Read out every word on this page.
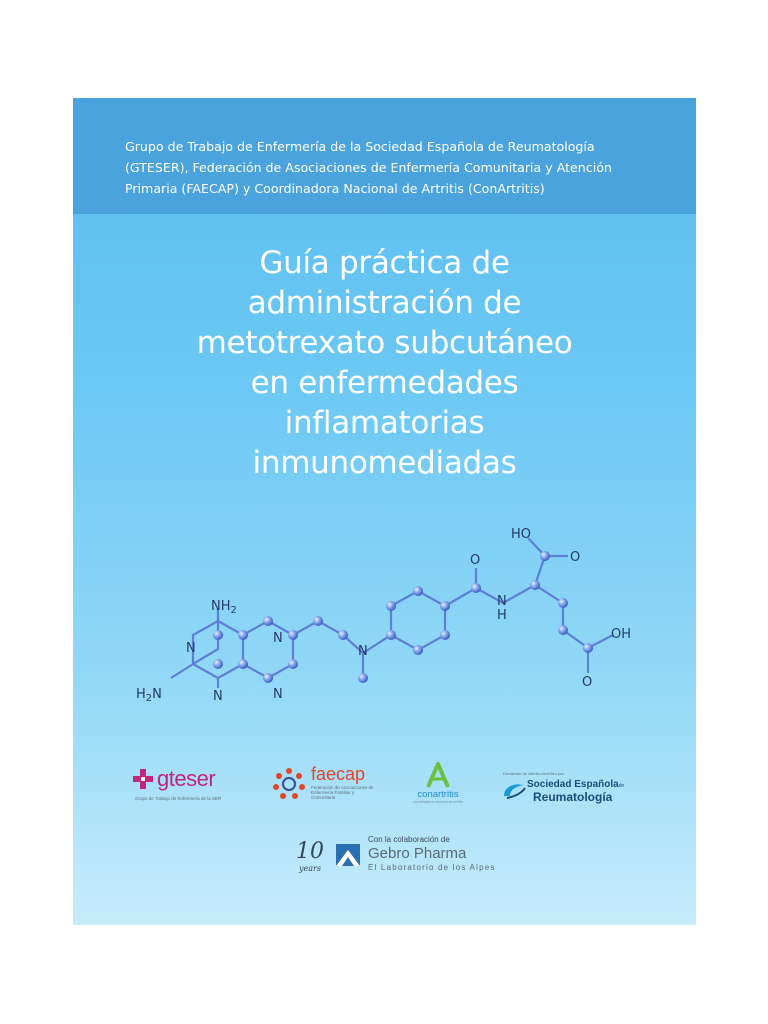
Grupo de Trabajo de Enfermería de la Sociedad Española de Reumatología
(GTESER), Federación de Asociaciones de Enfermería Comunitaria y Atención
Primaria (FAECAP) y Coordinadora Nacional de Artritis (ConArtritis)

Guía práctica de
administración de
metotrexato subcutáneo
en enfermedades
inflamatorias
inmunomediadas
$NH_2$
N
N
N
N
$H_2N$
N
O
N
H
HO
O
OH
O
gteser
Grupo de Trabajo de Enfermería de la SER
faecap
Federación de Asociaciones de Enfermería Familiar y Comunitaria	conartritis
coordinadora nacional de artritis
Declarado de interés científico por:
Sociedad Españolade
Reumatología
10
years
Con la colaboración de
Gebro Pharma
El Laboratorio de los Alpes
